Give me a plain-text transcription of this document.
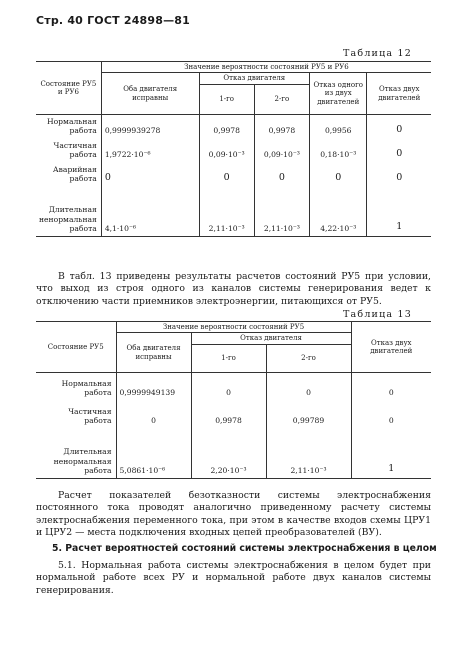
Стр. 40 ГОСТ 24898—81
Таблица 12
Состояние РУ5 и РУ6	Значение вероятности состояний РУ5 и РУ6				
	Оба двигателя исправны	Отказ двигателя		Отказ одного из двух двигателей	Отказ двух двигателей
		1-го	2-го		
Нормальная работа	0,9999939278	0,9978	0,9978	0,9956	0
Частичная работа	1,9722·10⁻⁶	0,09·10⁻³	0,09·10⁻³	0,18·10⁻³	0
Аварийная работа	0	0	0	0	0
Длительная ненормальная работа	4,1·10⁻⁶	2,11·10⁻³	2,11·10⁻³	4,22·10⁻³	1

В табл. 13 приведены результаты расчетов состояний РУ5 при условии, что выход из строя одного из каналов системы генерирования ведет к отключению части приемников электроэнергии, питающихся от РУ5.

Таблица 13
Состояние РУ5	Значение вероятности состояний РУ5			Отказ двух двигателей
	Оба двигателя исправны	Отказ двигателя		
		1-го	2-го	
Нормальная работа	0,9999949139	0	0	0
Частичная работа	0	0,9978	0,99789	0
Длительная ненормальная работа	5,0861·10⁻⁶	2,20·10⁻³	2,11·10⁻³	1

Расчет показателей безотказности системы электроснабжения постоянного тока проводят аналогично приведенному расчету системы электроснабжения переменного тока, при этом в качестве входов схемы ЦРУ1 и ЦРУ2 — места подключения входных цепей преобразователей (ВУ).

5. Расчет вероятностей состояний системы электроснабжения в целом

5.1. Нормальная работа системы электроснабжения в целом будет при нормальной работе всех РУ и нормальной работе двух каналов системы генерирования.
